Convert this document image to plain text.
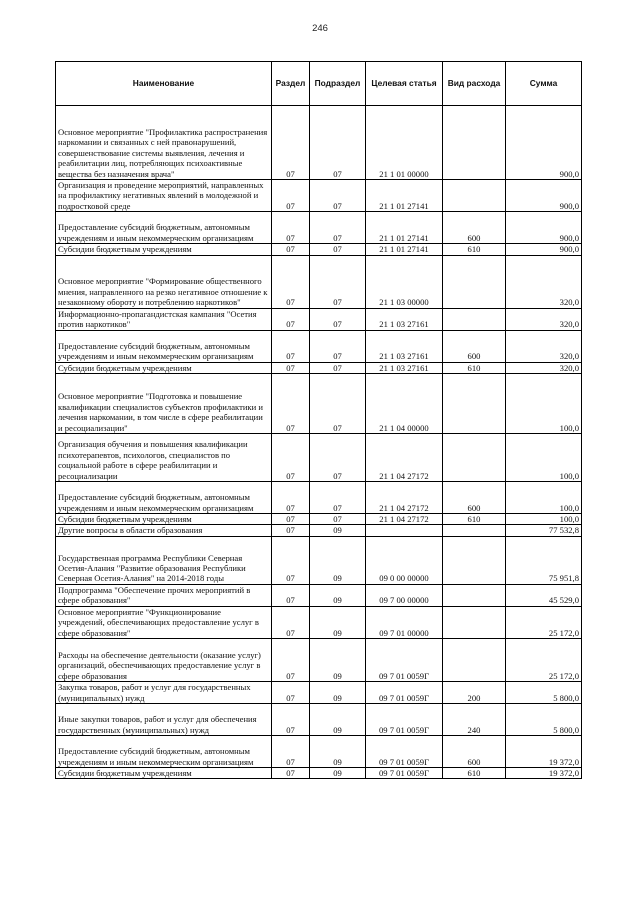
246
Наименование	Раздел	Подраздел	Целевая статья	Вид расхода	Сумма
Основное мероприятие "Профилактика распространения наркомании и связанных с ней правонарушений, совершенствование системы выявления, лечения и реабилитации лиц, потребляющих психоактивные вещества без назначения врача"	07	07	21 1 01 00000		900,0
Организация и проведение мероприятий, направленных на профилактику негативных явлений в молодежной и подростковой среде	07	07	21 1 01 27141		900,0
Предоставление субсидий бюджетным, автономным учреждениям и иным некоммерческим организациям	07	07	21 1 01 27141	600	900,0
Субсидии бюджетным учреждениям	07	07	21 1 01 27141	610	900,0
Основное мероприятие "Формирование общественного мнения, направленного на резко негативное отношение к незаконному обороту и потреблению наркотиков"	07	07	21 1 03 00000		320,0
Информационно-пропагандистская кампания "Осетия против наркотиков"	07	07	21 1 03 27161		320,0
Предоставление субсидий бюджетным, автономным учреждениям и иным некоммерческим организациям	07	07	21 1 03 27161	600	320,0
Субсидии бюджетным учреждениям	07	07	21 1 03 27161	610	320,0
Основное мероприятие "Подготовка и повышение квалификации специалистов субъектов профилактики и лечения наркомании, в том числе в сфере реабилитации и ресоциализации"	07	07	21 1 04 00000		100,0
Организация обучения и повышения квалификации психотерапевтов, психологов, специалистов по социальной работе в сфере реабилитации и ресоциализации	07	07	21 1 04 27172		100,0
Предоставление субсидий бюджетным, автономным учреждениям и иным некоммерческим организациям	07	07	21 1 04 27172	600	100,0
Субсидии бюджетным учреждениям	07	07	21 1 04 27172	610	100,0
Другие вопросы в области образования	07	09			77 532,8
Государственная программа Республики Северная Осетия-Алания "Развитие образования Республики Северная Осетия-Алания" на 2014-2018 годы	07	09	09 0 00 00000		75 951,8
Подпрограмма "Обеспечение прочих мероприятий в сфере образования"	07	09	09 7 00 00000		45 529,0
Основное мероприятие "Функционирование учреждений, обеспечивающих предоставление услуг в сфере образования"	07	09	09 7 01 00000		25 172,0
Расходы на обеспечение деятельности (оказание услуг) организаций, обеспечивающих предоставление услуг в сфере образования	07	09	09 7 01 0059Г		25 172,0
Закупка товаров, работ и услуг для государственных (муниципальных) нужд	07	09	09 7 01 0059Г	200	5 800,0
Иные закупки товаров, работ и услуг для обеспечения государственных (муниципальных) нужд	07	09	09 7 01 0059Г	240	5 800,0
Предоставление субсидий бюджетным, автономным учреждениям и иным некоммерческим организациям	07	09	09 7 01 0059Г	600	19 372,0
Субсидии бюджетным учреждениям	07	09	09 7 01 0059Г	610	19 372,0
